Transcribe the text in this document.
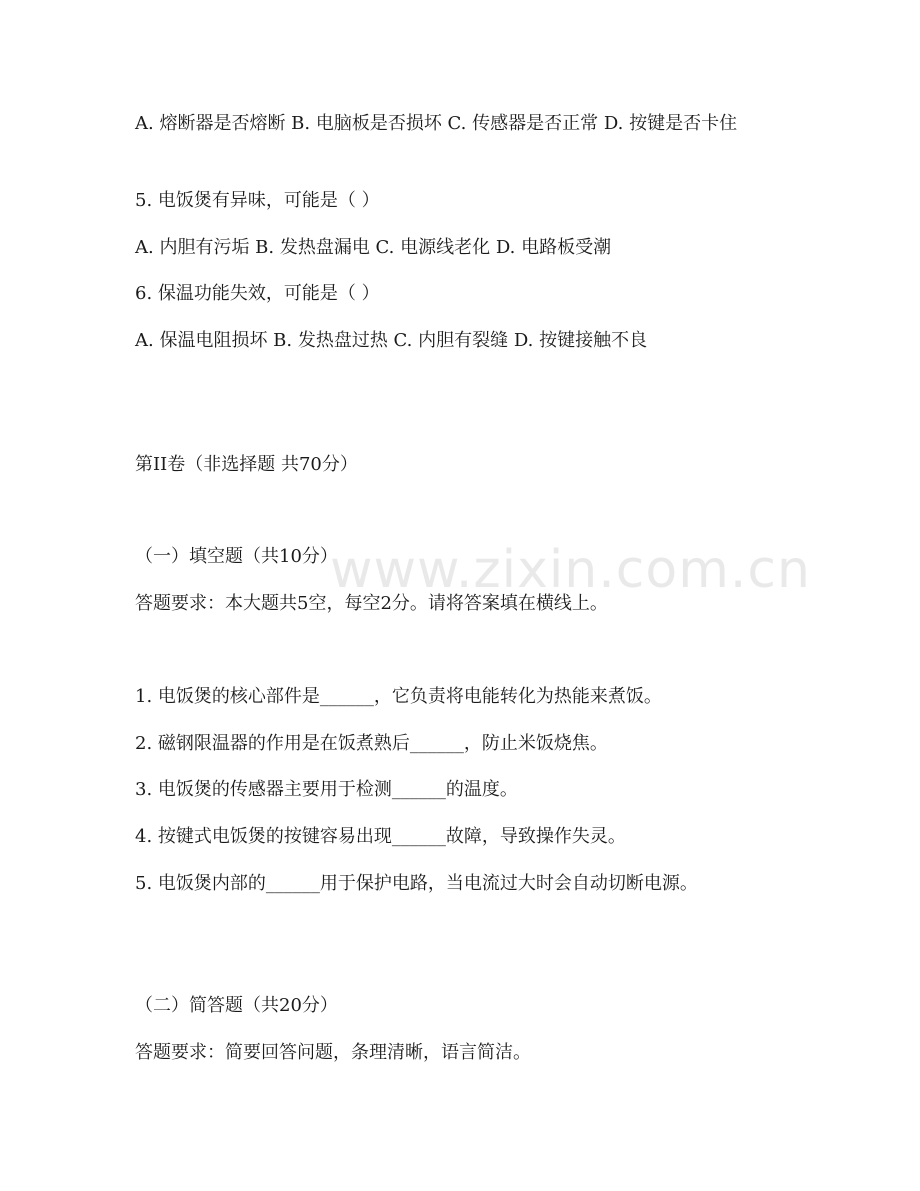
www.zixin.com.cn
A. 熔断器是否熔断 B. 电脑板是否损坏 C. 传感器是否正常 D. 按键是否卡住
5. 电饭煲有异味，可能是（ ）
A. 内胆有污垢 B. 发热盘漏电 C. 电源线老化 D. 电路板受潮
6. 保温功能失效，可能是（ ）
A. 保温电阻损坏 B. 发热盘过热 C. 内胆有裂缝 D. 按键接触不良
第II卷（非选择题 共70分）
（一）填空题（共10分）
答题要求：本大题共5空，每空2分。请将答案填在横线上。
1. 电饭煲的核心部件是______，它负责将电能转化为热能来煮饭。
2. 磁钢限温器的作用是在饭煮熟后______，防止米饭烧焦。
3. 电饭煲的传感器主要用于检测______的温度。
4. 按键式电饭煲的按键容易出现______故障，导致操作失灵。
5. 电饭煲内部的______用于保护电路，当电流过大时会自动切断电源。
（二）简答题（共20分）
答题要求：简要回答问题，条理清晰，语言简洁。
